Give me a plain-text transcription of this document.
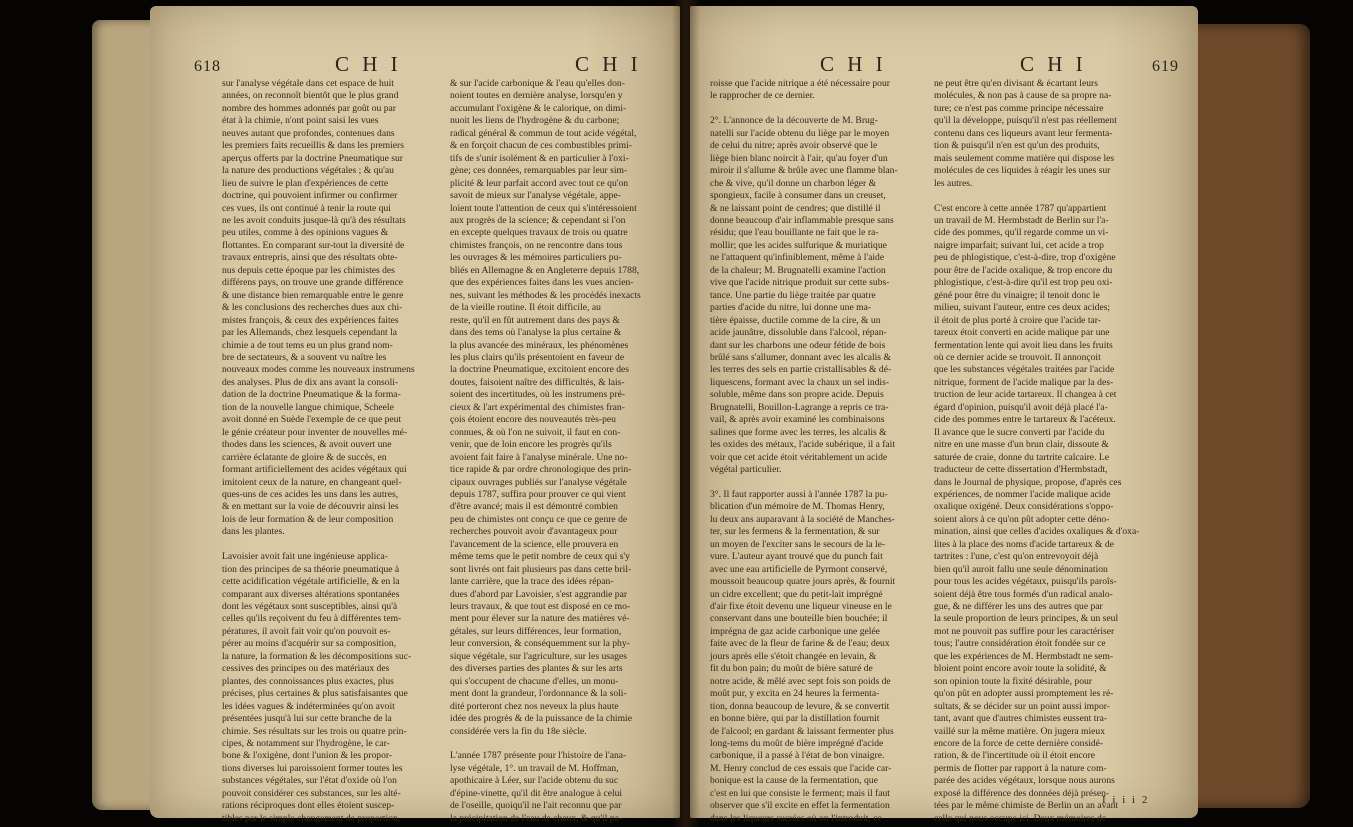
618	C H I	C H I
sur l'analyse végétale dans cet espace de huit
années, on reconnoît bientôt que le plus grand
nombre des hommes adonnés par goût ou par
état à la chimie, n'ont point saisi les vues
neuves autant que profondes, contenues dans
les premiers faits recueillis & dans les premiers
aperçus offerts par la doctrine Pneumatique sur
la nature des productions végétales ; & qu'au
lieu de suivre le plan d'expériences de cette
doctrine, qui pouvoient infirmer ou confirmer
ces vues, ils ont continué à tenir la route qui
ne les avoit conduits jusque-là qu'à des résultats
peu utiles, comme à des opinions vagues &
flottantes. En comparant sur-tout la diversité de
travaux entrepris, ainsi que des résultats obte-
nus depuis cette époque par les chimistes des
différens pays, on trouve une grande différence
& une distance bien remarquable entre le genre
& les conclusions des recherches dues aux chi-
mistes françois, & ceux des expériences faites
par les Allemands, chez lesquels cependant la
chimie a de tout tems eu un plus grand nom-
bre de sectateurs, & a souvent vu naître les
nouveaux modes comme les nouveaux instrumens
des analyses. Plus de dix ans avant la consoli-
dation de la doctrine Pneumatique & la forma-
tion de la nouvelle langue chimique, Scheele
avoit donné en Suède l'exemple de ce que peut
le génie créateur pour inventer de nouvelles mé-
thodes dans les sciences, & avoit ouvert une
carrière éclatante de gloire & de succès, en
formant artificiellement des acides végétaux qui
imitoient ceux de la nature, en changeant quel-
ques-uns de ces acides les uns dans les autres,
& en mettant sur la voie de découvrir ainsi les
lois de leur formation & de leur composition
dans les plantes.

Lavoisier avoit fait une ingénieuse applica-
tion des principes de sa théorie pneumatique à
cette acidification végétale artificielle, & en la
comparant aux diverses altérations spontanées
dont les végétaux sont susceptibles, ainsi qu'à
celles qu'ils reçoivent du feu à différentes tem-
pératures, il avoit fait voir qu'on pouvoit es-
pérer au moins d'acquérir sur sa composition,
la nature, la formation & les décompositions suc-
cessives des principes ou des matériaux des
plantes, des connoissances plus exactes, plus
précises, plus certaines & plus satisfaisantes que
les idées vagues & indéterminées qu'on avoit
présentées jusqu'à lui sur cette branche de la
chimie. Ses résultats sur les trois ou quatre prin-
cipes, & notamment sur l'hydrogène, le car-
bone & l'oxigène, dont l'union & les propor-
tions diverses lui paroissoient former toutes les
substances végétales, sur l'état d'oxide où l'on
pouvoit considérer ces substances, sur les alté-
rations réciproques dont elles étoient suscep-
tibles par le simple changement de proportion,
& sur l'acide carbonique & l'eau qu'elles don-
noient toutes en dernière analyse, lorsqu'en y
accumulant l'oxigène & le calorique, on dimi-
nuoit les liens de l'hydrogène & du carbone;
radical général & commun de tout acide végétal,
& en forçoit chacun de ces combustibles primi-
tifs de s'unir isolément & en particulier à l'oxi-
gène; ces données, remarquables par leur sim-
plicité & leur parfait accord avec tout ce qu'on
savoit de mieux sur l'analyse végétale, appe-
loient toute l'attention de ceux qui s'intéressoient
aux progrès de la science; & cependant si l'on
en excepte quelques travaux de trois ou quatre
chimistes françois, on ne rencontre dans tous
les ouvrages & les mémoires particuliers pu-
bliés en Allemagne & en Angleterre depuis 1788,
que des expériences faites dans les vues ancien-
nes, suivant les méthodes & les procédés inexacts
de la vieille routine. Il étoit difficile, au
reste, qu'il en fût autrement dans des pays &
dans des tems où l'analyse la plus certaine &
la plus avancée des minéraux, les phénomènes
les plus clairs qu'ils présentoient en faveur de
la doctrine Pneumatique, excitoient encore des
doutes, faisoient naître des difficultés, & lais-
soient des incertitudes, où les instrumens pré-
cieux & l'art expérimental des chimistes fran-
çois étoient encore des nouveautés très-peu
connues, & où l'on ne suivoit, il faut en con-
venir, que de loin encore les progrès qu'ils
avoient fait faire à l'analyse minérale. Une no-
tice rapide & par ordre chronologique des prin-
cipaux ouvrages publiés sur l'analyse végétale
depuis 1787, suffira pour prouver ce qui vient
d'être avancé; mais il est démontré combien
peu de chimistes ont conçu ce que ce genre de
recherches pouvoit avoir d'avantageux pour
l'avancement de la science, elle prouvera en
même tems que le petit nombre de ceux qui s'y
sont livrés ont fait plusieurs pas dans cette bril-
lante carrière, que la trace des idées répan-
dues d'abord par Lavoisier, s'est aggrandie par
leurs travaux, & que tout est disposé en ce mo-
ment pour élever sur la nature des matières vé-
gétales, sur leurs différences, leur formation,
leur conversion, & conséquemment sur la phy-
sique végétale, sur l'agriculture, sur les usages
des diverses parties des plantes & sur les arts
qui s'occupent de chacune d'elles, un monu-
ment dont la grandeur, l'ordonnance & la soli-
dité porteront chez nos neveux la plus haute
idée des progrès & de la puissance de la chimie
considérée vers la fin du 18e siècle.

L'année 1787 présente pour l'histoire de l'ana-
lyse végétale, 1°. un travail de M. Hoffman,
apothicaire à Léer, sur l'acide obtenu du suc
d'épine-vinette, qu'il dit être analogue à celui
de l'oseille, quoiqu'il ne l'ait reconnu que par
la précipitation de l'eau de chaux, & qu'il pa-
C H I	C H I	619
roisse que l'acide nitrique a été nécessaire pour
le rapprocher de ce dernier.

2°. L'annonce de la découverte de M. Brug-
natelli sur l'acide obtenu du liège par le moyen
de celui du nitre; après avoir observé que le
liège bien blanc noircit à l'air, qu'au foyer d'un
miroir il s'allume & brûle avec une flamme blan-
che & vive, qu'il donne un charbon léger &
spongieux, facile à consumer dans un creuset,
& ne laissant point de cendres; que distillé il
donne beaucoup d'air inflammable presque sans
résidu; que l'eau bouillante ne fait que le ra-
mollir; que les acides sulfurique & muriatique
ne l'attaquent qu'infiniblement, même à l'aide
de la chaleur; M. Brugnatelli examine l'action
vive que l'acide nitrique produit sur cette subs-
tance. Une partie du liège traitée par quatre
parties d'acide du nitre, lui donne une ma-
tière épaisse, ductile comme de la cire, & un
acide jaunâtre, dissoluble dans l'alcool, répan-
dant sur les charbons une odeur fétide de bois
brûlé sans s'allumer, donnant avec les alcalis &
les terres des sels en partie cristallisables & dé-
liquescens, formant avec la chaux un sel indis-
soluble, même dans son propre acide. Depuis
Brugnatelli, Bouillon-Lagrange a repris ce tra-
vail, & après avoir examiné les combinaisons
salines que forme avec les terres, les alcalis &
les oxides des métaux, l'acide subérique, il a fait
voir que cet acide étoit véritablement un acide
végétal particulier.

3°. Il faut rapporter aussi à l'année 1787 la pu-
blication d'un mémoire de M. Thomas Henry,
lu deux ans auparavant à la société de Manches-
ter, sur les fermens & la fermentation, & sur
un moyen de l'exciter sans le secours de la le-
vure. L'auteur ayant trouvé que du punch fait
avec une eau artificielle de Pyrmont conservé,
moussoit beaucoup quatre jours après, & fournit
un cidre excellent; que du petit-lait imprégné
d'air fixe étoit devenu une liqueur vineuse en le
conservant dans une bouteille bien bouchée; il
imprégna de gaz acide carbonique une gelée
faite avec de la fleur de farine & de l'eau; deux
jours après elle s'étoit changée en levain, &
fit du bon pain; du moût de bière saturé de
notre acide, & mêlé avec sept fois son poids de
moût pur, y excita en 24 heures la fermenta-
tion, donna beaucoup de levure, & se convertit
en bonne bière, qui par la distillation fournit
de l'alcool; en gardant & laissant fermenter plus
long-tems du moût de bière imprégné d'acide
carbonique, il a passé à l'état de bon vinaigre.
M. Henry conclud de ces essais que l'acide car-
bonique est la cause de la fermentation, que
c'est en lui que consiste le ferment; mais il faut
observer que s'il excite en effet la fermentation
dans les liqueurs sucrées où on l'introduit, ce
ne peut être qu'en divisant & écartant leurs
molécules, & non pas à cause de sa propre na-
ture; ce n'est pas comme principe nécessaire
qu'il la développe, puisqu'il n'est pas réellement
contenu dans ces liqueurs avant leur fermenta-
tion & puisqu'il n'en est qu'un des produits,
mais seulement comme matière qui dispose les
molécules de ces liquides à réagir les unes sur
les autres.

C'est encore à cette année 1787 qu'appartient
un travail de M. Hermbstadt de Berlin sur l'a-
cide des pommes, qu'il regarde comme un vi-
naigre imparfait; suivant lui, cet acide a trop
peu de phlogistique, c'est-à-dire, trop d'oxigène
pour être de l'acide oxalique, & trop encore du
phlogistique, c'est-à-dire qu'il est trop peu oxi-
géné pour être du vinaigre; il tenoit donc le
milieu, suivant l'auteur, entre ces deux acides;
il étoit de plus porté à croire que l'acide tar-
tareux étoit converti en acide malique par une
fermentation lente qui avoit lieu dans les fruits
où ce dernier acide se trouvoit. Il annonçoit
que les substances végétales traitées par l'acide
nitrique, forment de l'acide malique par la des-
truction de leur acide tartareux. Il changea à cet
égard d'opinion, puisqu'il avoit déjà placé l'a-
cide des pommes entre le tartareux & l'acéteux.
Il avance que le sucre converti par l'acide du
nitre en une masse d'un brun clair, dissoute &
saturée de craie, donne du tartrite calcaire. Le
traducteur de cette dissertation d'Hermbstadt,
dans le Journal de physique, propose, d'après ces
expériences, de nommer l'acide malique acide
oxalique oxigéné. Deux considérations s'oppo-
soient alors à ce qu'on pût adopter cette déno-
mination, ainsi que celles d'acides oxaliques & d'oxa-
lites à la place des noms d'acide tartareux & de
tartrites : l'une, c'est qu'on entrevoyoit déjà
bien qu'il auroit fallu une seule dénomination
pour tous les acides végétaux, puisqu'ils paroîs-
soient déjà être tous formés d'un radical analo-
gue, & ne différer les uns des autres que par
la seule proportion de leurs principes, & un seul
mot ne pouvoit pas suffire pour les caractériser
tous; l'autre considération étoit fondée sur ce
que les expériences de M. Hermbstadt ne sem-
bloient point encore avoir toute la solidité, &
son opinion toute la fixité désirable, pour
qu'on pût en adopter aussi promptement les ré-
sultats, & se décider sur un point aussi impor-
tant, avant que d'autres chimistes eussent tra-
vaillé sur la même matière. On jugera mieux
encore de la force de cette dernière considé-
ration, & de l'incertitude où il étoit encore
permis de flotter par rapport à la nature com-
parée des acides végétaux, lorsque nous aurons
exposé la différence des données déjà présen-
tées par le même chimiste de Berlin un an avant
celle qui nous occupe ici. Deux mémoires de
I i i i 2
